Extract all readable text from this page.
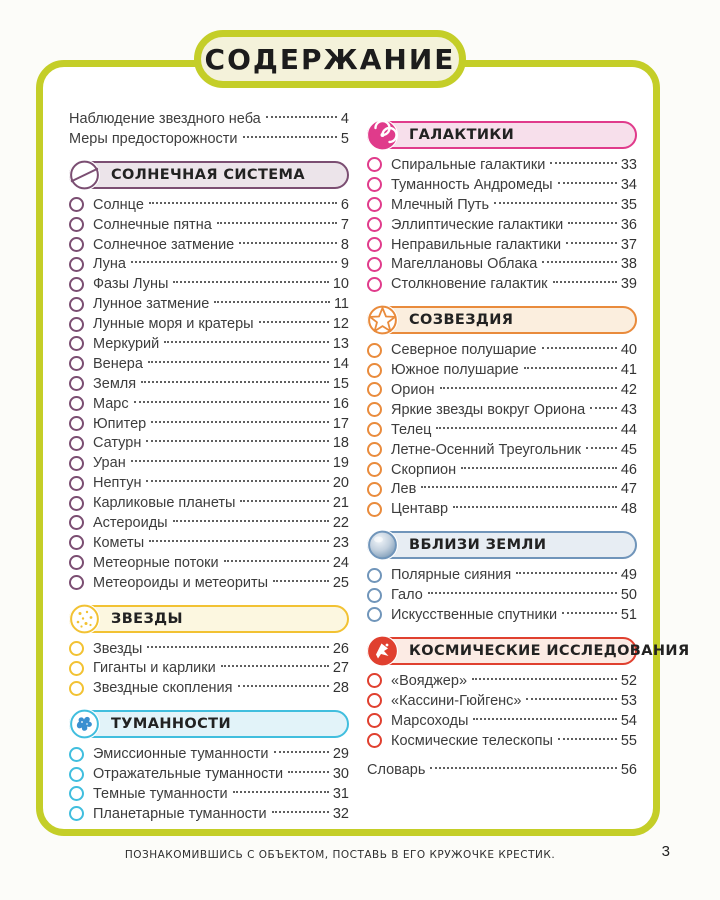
Наблюдение звездного неба	4
Меры предосторожности	5
СОЛНЕЧНАЯ СИСТЕМА
Солнце	6
Солнечные пятна	7
Солнечное затмение	8
Луна	9
Фазы Луны	10
Лунное затмение	11
Лунные моря и кратеры	12
Меркурий	13
Венера	14
Земля	15
Марс	16
Юпитер	17
Сатурн	18
Уран	19
Нептун	20
Карликовые планеты	21
Астероиды	22
Кометы	23
Метеорные потоки	24
Метеороиды и метеориты	25
ЗВЕЗДЫ
Звезды	26
Гиганты и карлики	27
Звездные скопления	28
ТУМАННОСТИ
Эмиссионные туманности	29
Отражательные туманности	30
Темные туманности	31
Планетарные туманности	32
ГАЛАКТИКИ
Спиральные галактики	33
Туманность Андромеды	34
Млечный Путь	35
Эллиптические галактики	36
Неправильные галактики	37
Магеллановы Облака	38
Столкновение галактик	39
СОЗВЕЗДИЯ
Северное полушарие	40
Южное полушарие	41
Орион	42
Яркие звезды вокруг Ориона 43
Телец	44
Летне-Осенний Треугольник	45
Скорпион	46
Лев	47
Центавр	48
ВБЛИЗИ ЗЕМЛИ
Полярные сияния	49
Гало	50
Искусственные спутники	51
КОСМИЧЕСКИЕ ИССЛЕДОВАНИЯ
«Вояджер»	52
«Кассини-Гюйгенс»	53
Марсоходы	54
Космические телескопы	55
Словарь	56
СОДЕРЖАНИЕ
ПОЗНАКОМИВШИСЬ С ОБЪЕКТОМ, ПОСТАВЬ В ЕГО КРУЖОЧКЕ КРЕСТИК.	3
